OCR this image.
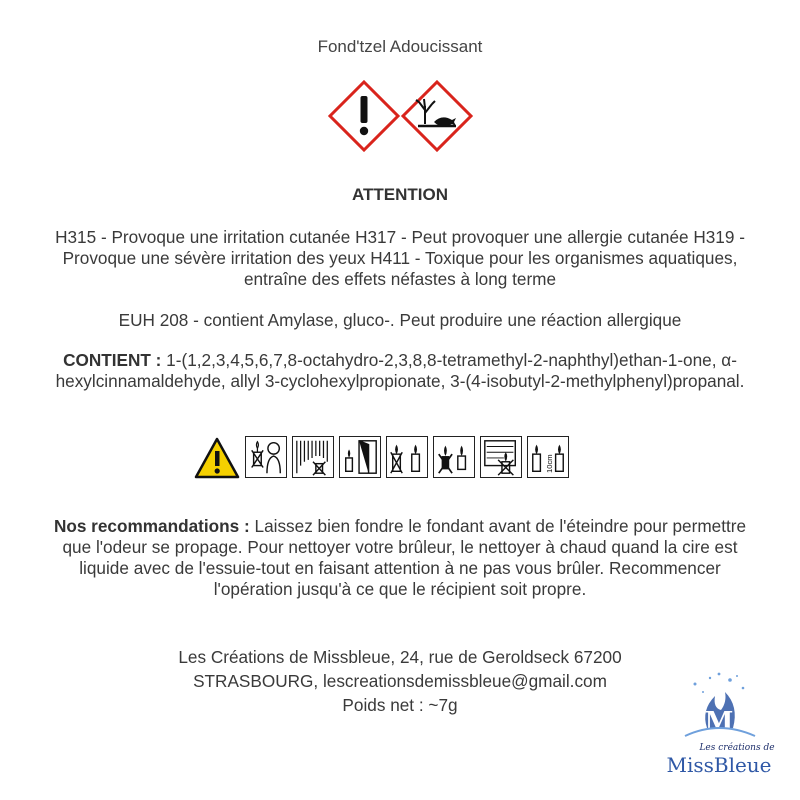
Fond'tzel Adoucissant
ATTENTION
H315 - Provoque une irritation cutanée H317 - Peut provoquer une allergie cutanée H319 - Provoque une sévère irritation des yeux H411 - Toxique pour les organismes aquatiques, entraîne des effets néfastes à long terme
EUH 208 - contient Amylase, gluco-. Peut produire une réaction allergique
CONTIENT : 1-(1,2,3,4,5,6,7,8-octahydro-2,3,8,8-tetramethyl-2-naphthyl)ethan-1-one, α-hexylcinnamaldehyde, allyl 3-cyclohexylpropionate, 3-(4-isobutyl-2-methylphenyl)propanal.
10cm
Nos recommandations : Laissez bien fondre le fondant avant de l'éteindre pour permettre que l'odeur se propage. Pour nettoyer votre brûleur, le nettoyer à chaud quand la cire est liquide avec de l'essuie-tout en faisant attention à ne pas vous brûler. Recommencer l'opération jusqu'à ce que le récipient soit propre.
Les Créations de Missbleue, 24, rue de Geroldseck 67200
STRASBOURG, lescreationsdemissbleue@gmail.com
Poids net : ~7g
M
Les créations de
MissBleue
